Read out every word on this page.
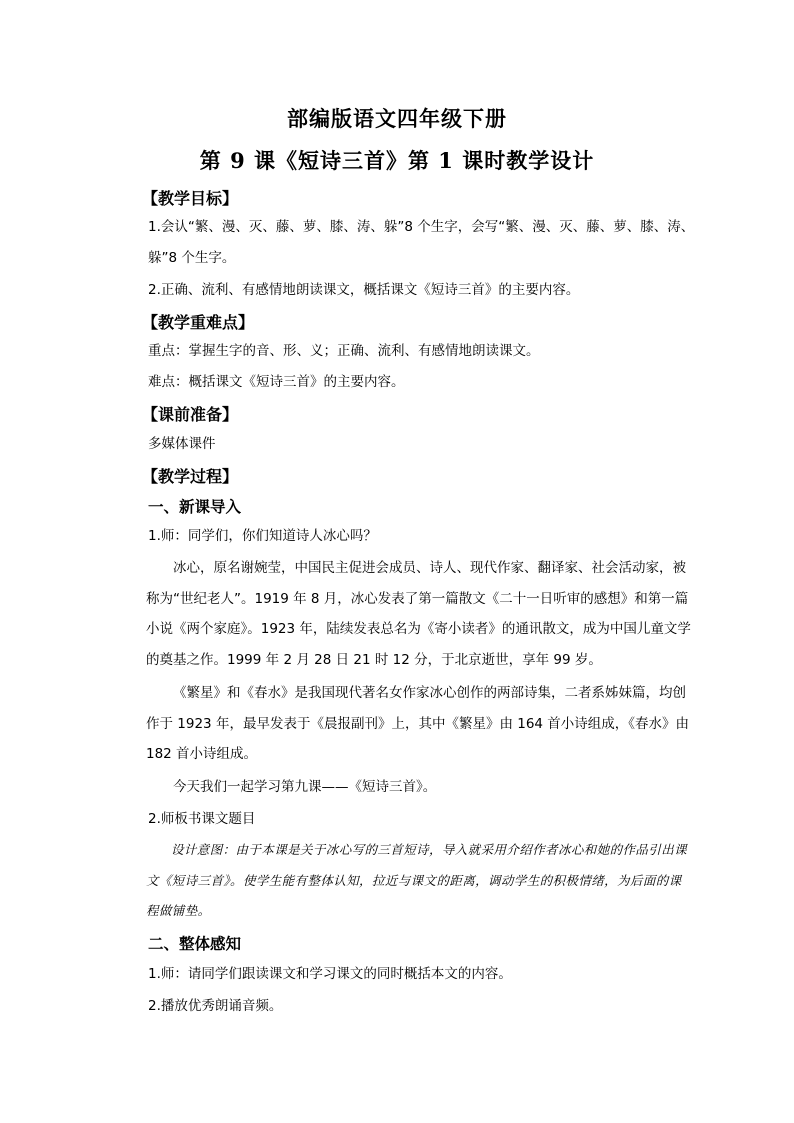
部编版语文四年级下册
第 9 课《短诗三首》第 1 课时教学设计
【教学目标】
1.会认“繁、漫、灭、藤、萝、膝、涛、躲”8 个生字，会写“繁、漫、灭、藤、萝、膝、涛、躲”8 个生字。
2.正确、流利、有感情地朗读课文，概括课文《短诗三首》的主要内容。
【教学重难点】
重点：掌握生字的音、形、义；正确、流利、有感情地朗读课文。
难点：概括课文《短诗三首》的主要内容。
【课前准备】
多媒体课件
【教学过程】
一、新课导入
1.师：同学们，你们知道诗人冰心吗？
冰心，原名谢婉莹，中国民主促进会成员、诗人、现代作家、翻译家、社会活动家，被称为“世纪老人”。1919 年 8 月，冰心发表了第一篇散文《二十一日听审的感想》和第一篇小说《两个家庭》。1923 年，陆续发表总名为《寄小读者》的通讯散文，成为中国儿童文学的奠基之作。1999 年 2 月 28 日 21 时 12 分，于北京逝世，享年 99 岁。
《繁星》和《春水》是我国现代著名女作家冰心创作的两部诗集，二者系姊妹篇，均创作于 1923 年，最早发表于《晨报副刊》上，其中《繁星》由 164 首小诗组成，《春水》由 182 首小诗组成。
今天我们一起学习第九课——《短诗三首》。
2.师板书课文题目
设计意图：由于本课是关于冰心写的三首短诗，导入就采用介绍作者冰心和她的作品引出课文《短诗三首》。使学生能有整体认知，拉近与课文的距离，调动学生的积极情绪，为后面的课程做铺垫。
二、整体感知
1.师：请同学们跟读课文和学习课文的同时概括本文的内容。
2.播放优秀朗诵音频。
